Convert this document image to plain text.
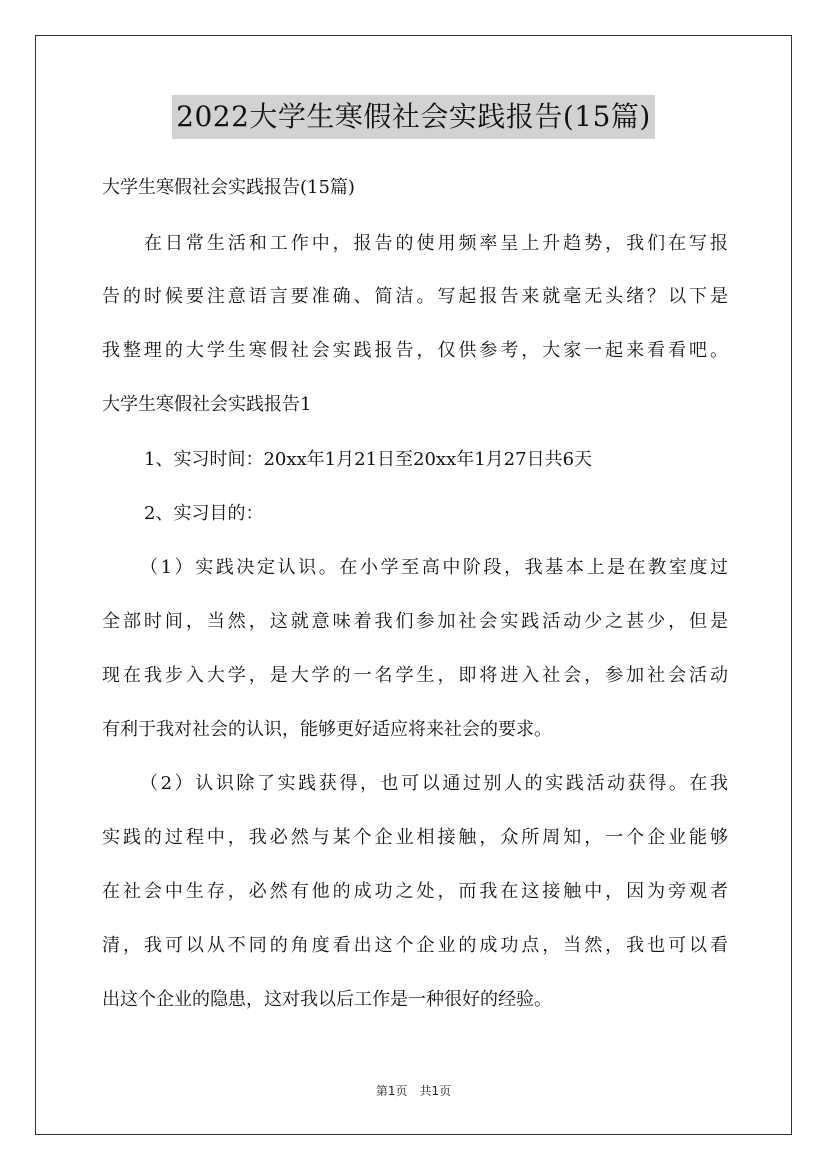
2022大学生寒假社会实践报告(15篇)
大学生寒假社会实践报告(15篇)
在日常生活和工作中，报告的使用频率呈上升趋势，我们在写报
告的时候要注意语言要准确、简洁。写起报告来就毫无头绪？以下是
我整理的大学生寒假社会实践报告，仅供参考，大家一起来看看吧。
大学生寒假社会实践报告1
1、实习时间：20xx年1月21日至20xx年1月27日共6天
2、实习目的：
（1）实践决定认识。在小学至高中阶段，我基本上是在教室度过
全部时间，当然，这就意味着我们参加社会实践活动少之甚少，但是
现在我步入大学，是大学的一名学生，即将进入社会，参加社会活动
有利于我对社会的认识，能够更好适应将来社会的要求。
（2）认识除了实践获得，也可以通过别人的实践活动获得。在我
实践的过程中，我必然与某个企业相接触，众所周知，一个企业能够
在社会中生存，必然有他的成功之处，而我在这接触中，因为旁观者
清，我可以从不同的角度看出这个企业的成功点，当然，我也可以看
出这个企业的隐患，这对我以后工作是一种很好的经验。
第1页　共1页
